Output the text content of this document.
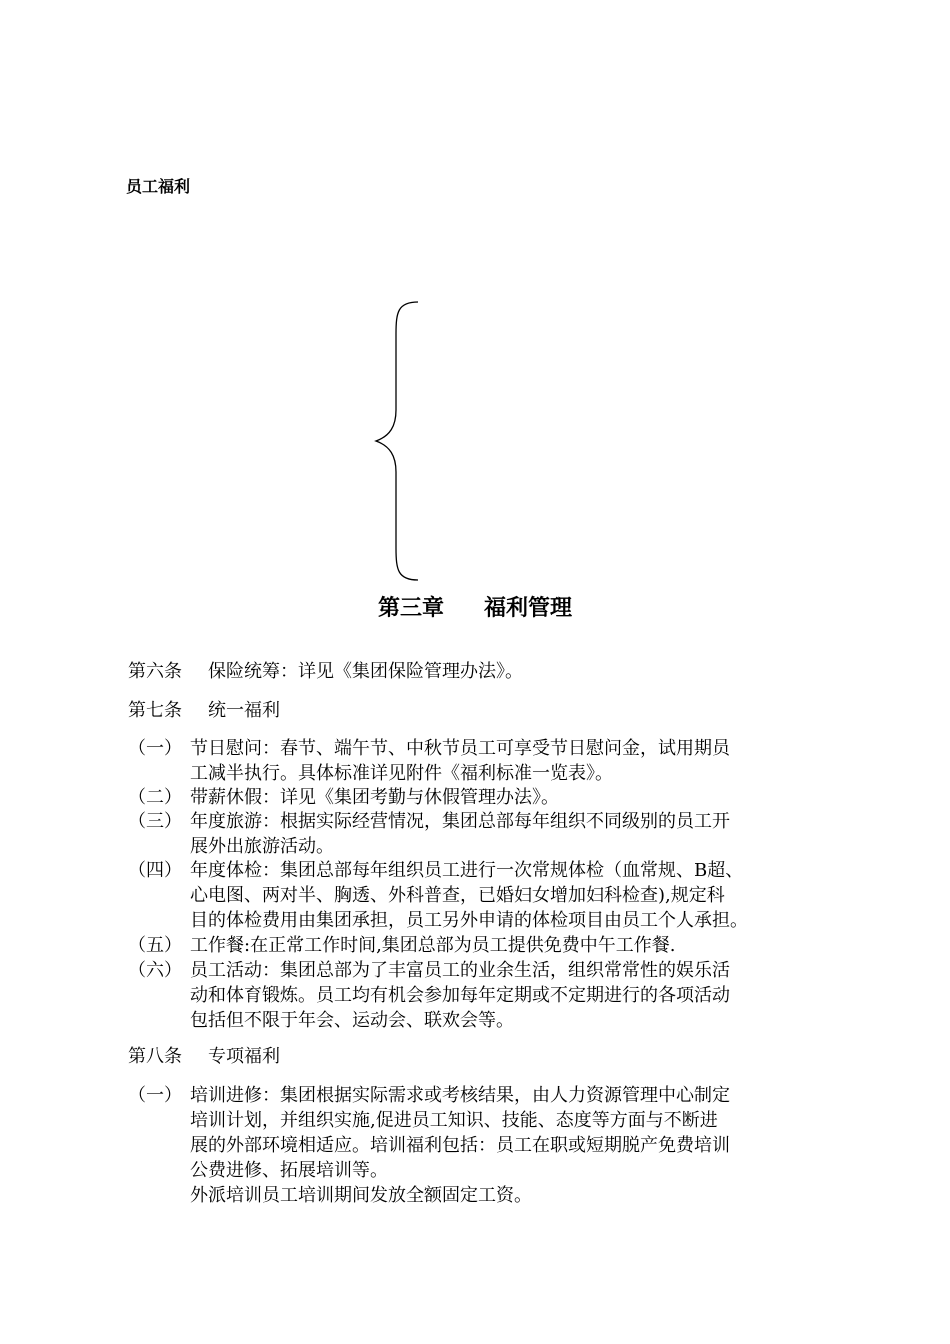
员工福利
第三章 福利管理
第六条 保险统筹：详见《集团保险管理办法》。
第七条 统一福利
（一） 节日慰问：春节、端午节、中秋节员工可享受节日慰问金，试用期员
工减半执行。具体标准详见附件《福利标准一览表》。
（二） 带薪休假：详见《集团考勤与休假管理办法》。
（三） 年度旅游：根据实际经营情况，集团总部每年组织不同级别的员工开
展外出旅游活动。
（四） 年度体检：集团总部每年组织员工进行一次常规体检（血常规、B超、
心电图、两对半、胸透、外科普查，已婚妇女增加妇科检查),规定科
目的体检费用由集团承担，员工另外申请的体检项目由员工个人承担。
（五） 工作餐:在正常工作时间,集团总部为员工提供免费中午工作餐.
（六） 员工活动：集团总部为了丰富员工的业余生活，组织常常性的娱乐活
动和体育锻炼。员工均有机会参加每年定期或不定期进行的各项活动
包括但不限于年会、运动会、联欢会等。
第八条 专项福利
（一） 培训进修：集团根据实际需求或考核结果，由人力资源管理中心制定
培训计划，并组织实施,促进员工知识、技能、态度等方面与不断进
展的外部环境相适应。培训福利包括：员工在职或短期脱产免费培训
公费进修、拓展培训等。
外派培训员工培训期间发放全额固定工资。
